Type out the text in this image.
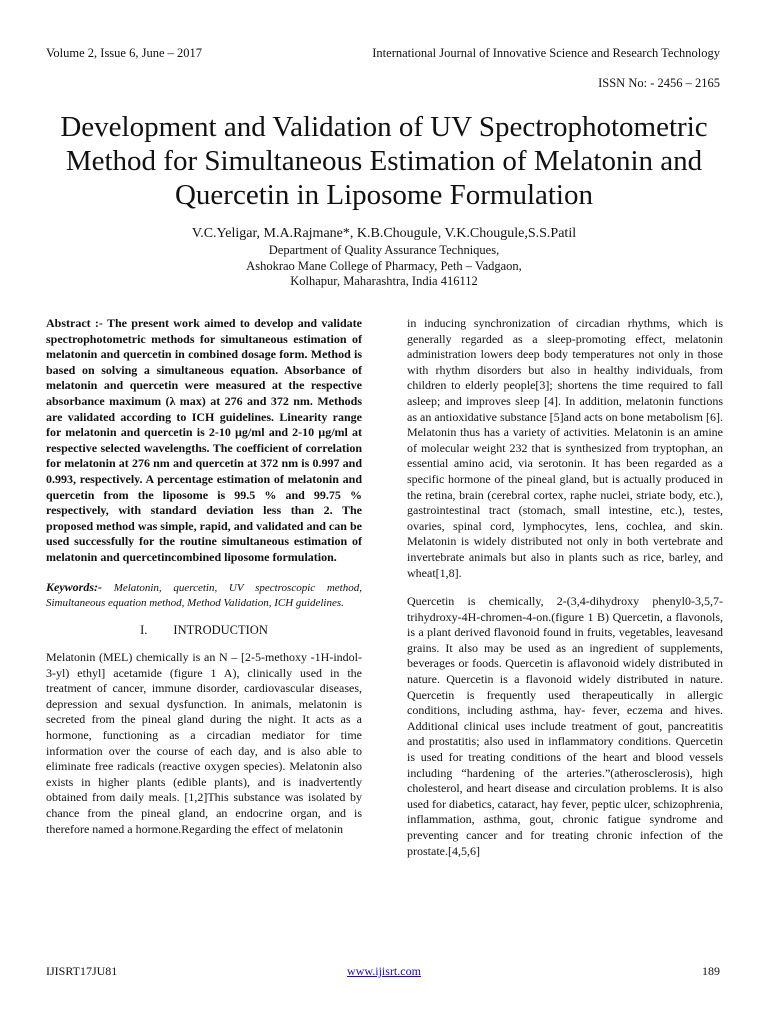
Volume 2, Issue 6, June – 2017	International Journal of Innovative Science and Research Technology
ISSN No: - 2456 – 2165
Development and Validation of UV Spectrophotometric Method for Simultaneous Estimation of Melatonin and Quercetin in Liposome Formulation
V.C.Yeligar, M.A.Rajmane*, K.B.Chougule, V.K.Chougule,S.S.Patil
Department of Quality Assurance Techniques,
Ashokrao Mane College of Pharmacy, Peth – Vadgaon,
Kolhapur, Maharashtra, India 416112

Abstract :- The present work aimed to develop and validate spectrophotometric methods for simultaneous estimation of melatonin and quercetin in combined dosage form. Method is based on solving a simultaneous equation. Absorbance of melatonin and quercetin were measured at the respective absorbance maximum (λ max) at 276 and 372 nm. Methods are validated according to ICH guidelines. Linearity range for melatonin and quercetin is 2-10 µg/ml and 2-10 µg/ml at respective selected wavelengths. The coefficient of correlation for melatonin at 276 nm and quercetin at 372 nm is 0.997 and 0.993, respectively. A percentage estimation of melatonin and quercetin from the liposome is 99.5 % and 99.75 % respectively, with standard deviation less than 2. The proposed method was simple, rapid, and validated and can be used successfully for the routine simultaneous estimation of melatonin and quercetincombined liposome formulation.

Keywords:- Melatonin, quercetin, UV spectroscopic method, Simultaneous equation method, Method Validation, ICH guidelines.

I. INTRODUCTION

Melatonin (MEL) chemically is an N – [2-5-methoxy -1H-indol-3-yl) ethyl] acetamide (figure 1 A), clinically used in the treatment of cancer, immune disorder, cardiovascular diseases, depression and sexual dysfunction. In animals, melatonin is secreted from the pineal gland during the night. It acts as a hormone, functioning as a circadian mediator for time information over the course of each day, and is also able to eliminate free radicals (reactive oxygen species). Melatonin also exists in higher plants (edible plants), and is inadvertently obtained from daily meals. [1,2]This substance was isolated by chance from the pineal gland, an endocrine organ, and is therefore named a hormone.Regarding the effect of melatonin

in inducing synchronization of circadian rhythms, which is generally regarded as a sleep-promoting effect, melatonin administration lowers deep body temperatures not only in those with rhythm disorders but also in healthy individuals, from children to elderly people[3]; shortens the time required to fall asleep; and improves sleep [4]. In addition, melatonin functions as an antioxidative substance [5]and acts on bone metabolism [6]. Melatonin thus has a variety of activities. Melatonin is an amine of molecular weight 232 that is synthesized from tryptophan, an essential amino acid, via serotonin. It has been regarded as a specific hormone of the pineal gland, but is actually produced in the retina, brain (cerebral cortex, raphe nuclei, striate body, etc.), gastrointestinal tract (stomach, small intestine, etc.), testes, ovaries, spinal cord, lymphocytes, lens, cochlea, and skin. Melatonin is widely distributed not only in both vertebrate and invertebrate animals but also in plants such as rice, barley, and wheat[1,8].

Quercetin is chemically, 2-(3,4-dihydroxy phenyl0-3,5,7-trihydroxy-4H-chromen-4-on.(figure 1 B) Quercetin, a flavonols, is a plant derived flavonoid found in fruits, vegetables, leavesand grains. It also may be used as an ingredient of supplements, beverages or foods. Quercetin is aflavonoid widely distributed in nature. Quercetin is a flavonoid widely distributed in nature. Quercetin is frequently used therapeutically in allergic conditions, including asthma, hay- fever, eczema and hives. Additional clinical uses include treatment of gout, pancreatitis and prostatitis; also used in inflammatory conditions. Quercetin is used for treating conditions of the heart and blood vessels including “hardening of the arteries.”(atherosclerosis), high cholesterol, and heart disease and circulation problems. It is also used for diabetics, cataract, hay fever, peptic ulcer, schizophrenia, inflammation, asthma, gout, chronic fatigue syndrome and preventing cancer and for treating chronic infection of the prostate.[4,5,6]

IJISRT17JU81	www.ijisrt.com	189
